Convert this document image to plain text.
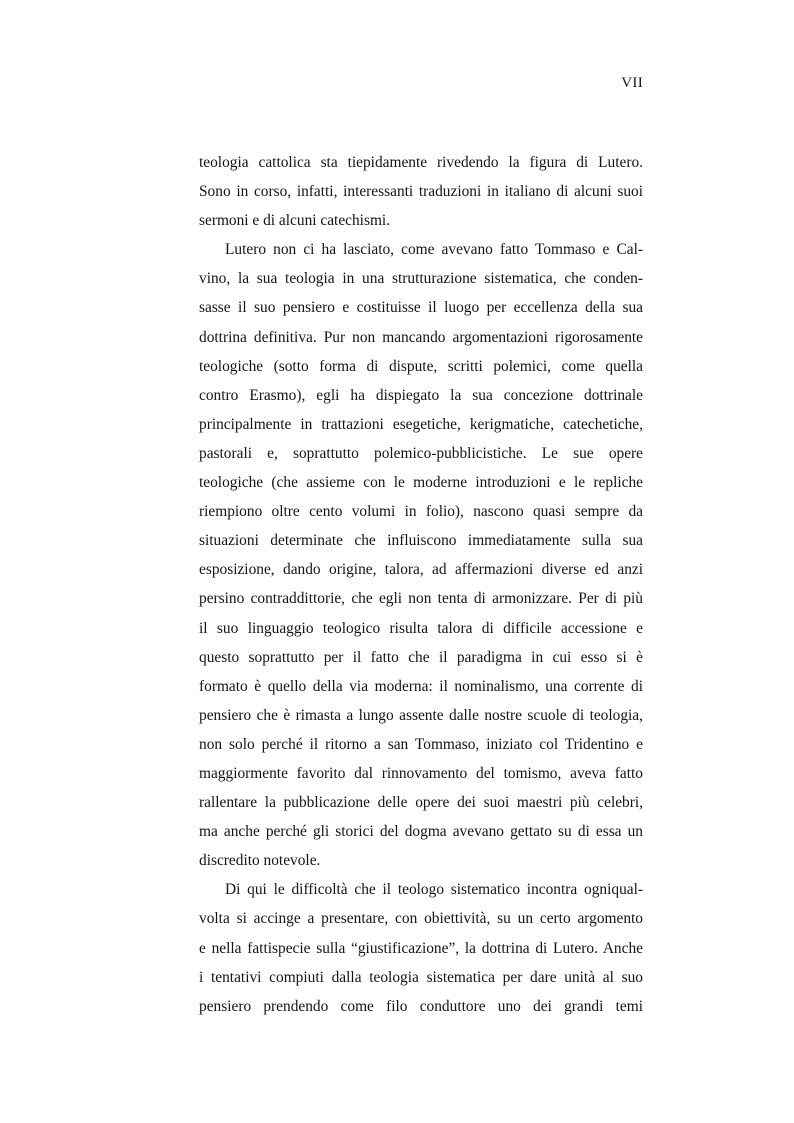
VII
teologia cattolica sta tiepidamente rivedendo la figura di Lutero.
Sono in corso, infatti, interessanti traduzioni in italiano di alcuni suoi
sermoni e di alcuni catechismi.
Lutero non ci ha lasciato, come avevano fatto Tommaso e Cal-
vino, la sua teologia in una strutturazione sistematica, che conden-
sasse il suo pensiero e costituisse il luogo per eccellenza della sua
dottrina definitiva. Pur non mancando argomentazioni rigorosamente
teologiche (sotto forma di dispute, scritti polemici, come quella
contro Erasmo), egli ha dispiegato la sua concezione dottrinale
principalmente in trattazioni esegetiche, kerigmatiche, catechetiche,
pastorali e, soprattutto polemico-pubblicistiche. Le sue opere
teologiche (che assieme con le moderne introduzioni e le repliche
riempiono oltre cento volumi in folio), nascono quasi sempre da
situazioni determinate che influiscono immediatamente sulla sua
esposizione, dando origine, talora, ad affermazioni diverse ed anzi
persino contraddittorie, che egli non tenta di armonizzare. Per di più
il suo linguaggio teologico risulta talora di difficile accessione e
questo soprattutto per il fatto che il paradigma in cui esso si è
formato è quello della via moderna: il nominalismo, una corrente di
pensiero che è rimasta a lungo assente dalle nostre scuole di teologia,
non solo perché il ritorno a san Tommaso, iniziato col Tridentino e
maggiormente favorito dal rinnovamento del tomismo, aveva fatto
rallentare la pubblicazione delle opere dei suoi maestri più celebri,
ma anche perché gli storici del dogma avevano gettato su di essa un
discredito notevole.
Di qui le difficoltà che il teologo sistematico incontra ogniqual-
volta si accinge a presentare, con obiettività, su un certo argomento
e nella fattispecie sulla “giustificazione”, la dottrina di Lutero. Anche
i tentativi compiuti dalla teologia sistematica per dare unità al suo
pensiero prendendo come filo conduttore uno dei grandi temi
